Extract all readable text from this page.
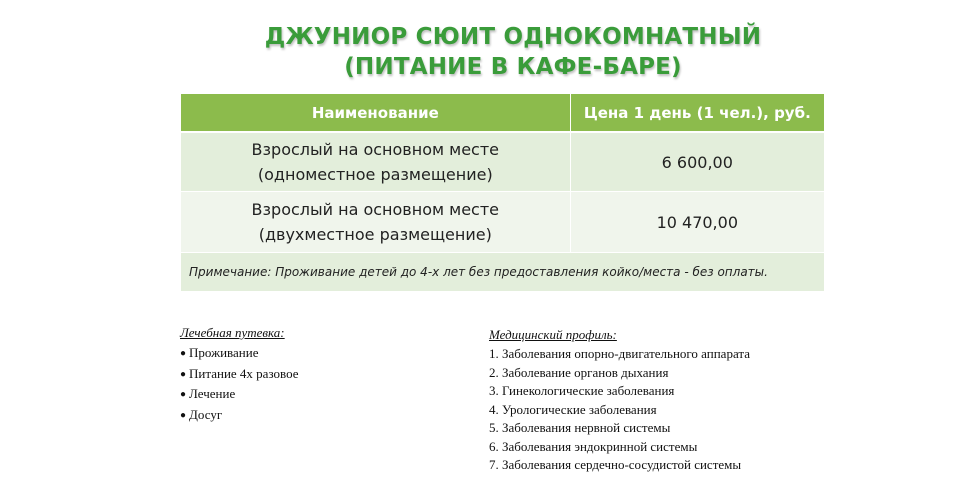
ДЖУНИОР СЮИТ ОДНОКОМНАТНЫЙ
(ПИТАНИЕ В КАФЕ-БАРЕ)
Наименование	Цена 1 день (1 чел.), руб.

Взрослый на основном месте
(одноместное размещение)	6 600,00

Взрослый на основном месте
(двухместное размещение)	10 470,00
Примечание: Проживание детей до 4-х лет без предоставления койко/места - без оплаты.	
Лечебная путевка:
● Проживание
● Питание 4х разовое
● Лечение
● Досуг
Медицинский профиль:
1. Заболевания опорно-двигательного аппарата
2. Заболевание органов дыхания
3. Гинекологические заболевания
4. Урологические заболевания
5. Заболевания нервной системы
6. Заболевания эндокринной системы
7. Заболевания сердечно-сосудистой системы
